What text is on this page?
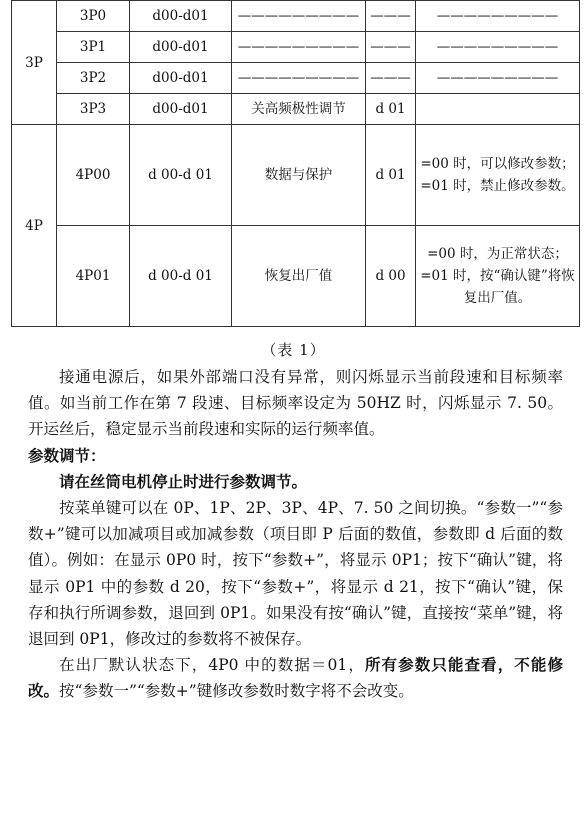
3P	3P0	d00-d01	—————————	———	—————————
	3P1	d00-d01	—————————	———	—————————
	3P2	d00-d01	—————————	———	—————————
	3P3	d00-d01	关高频极性调节	d 01	
4P	4P00	d 00-d 01	数据与保护	d 01	=00 时，可以修改参数；=01 时，禁止修改参数。
	4P01	d 00-d 01	恢复出厂值	d 00	=00 时，为正常状态；=01 时，按“确认键”将恢复出厂值。
（表 1）

接通电源后，如果外部端口没有异常，则闪烁显示当前段速和目标频率值。如当前工作在第 7 段速、目标频率设定为 50HZ 时，闪烁显示 7. 50。开运丝后，稳定显示当前段速和实际的运行频率值。

参数调节：

请在丝筒电机停止时进行参数调节。

按菜单键可以在 0P、1P、2P、3P、4P、7. 50 之间切换。“参数一”“参数+”键可以加减项目或加减参数（项目即 P 后面的数值，参数即 d 后面的数值）。例如：在显示 0P0 时，按下“参数+”，将显示 0P1；按下“确认”键，将显示 0P1 中的参数 d 20，按下“参数+”，将显示 d 21，按下“确认”键，保存和执行所调参数，退回到 0P1。如果没有按“确认”键，直接按“菜单”键，将退回到 0P1，修改过的参数将不被保存。

在出厂默认状态下，4P0 中的数据＝01，所有参数只能查看，不能修改。按“参数一”“参数+”键修改参数时数字将不会改变。
